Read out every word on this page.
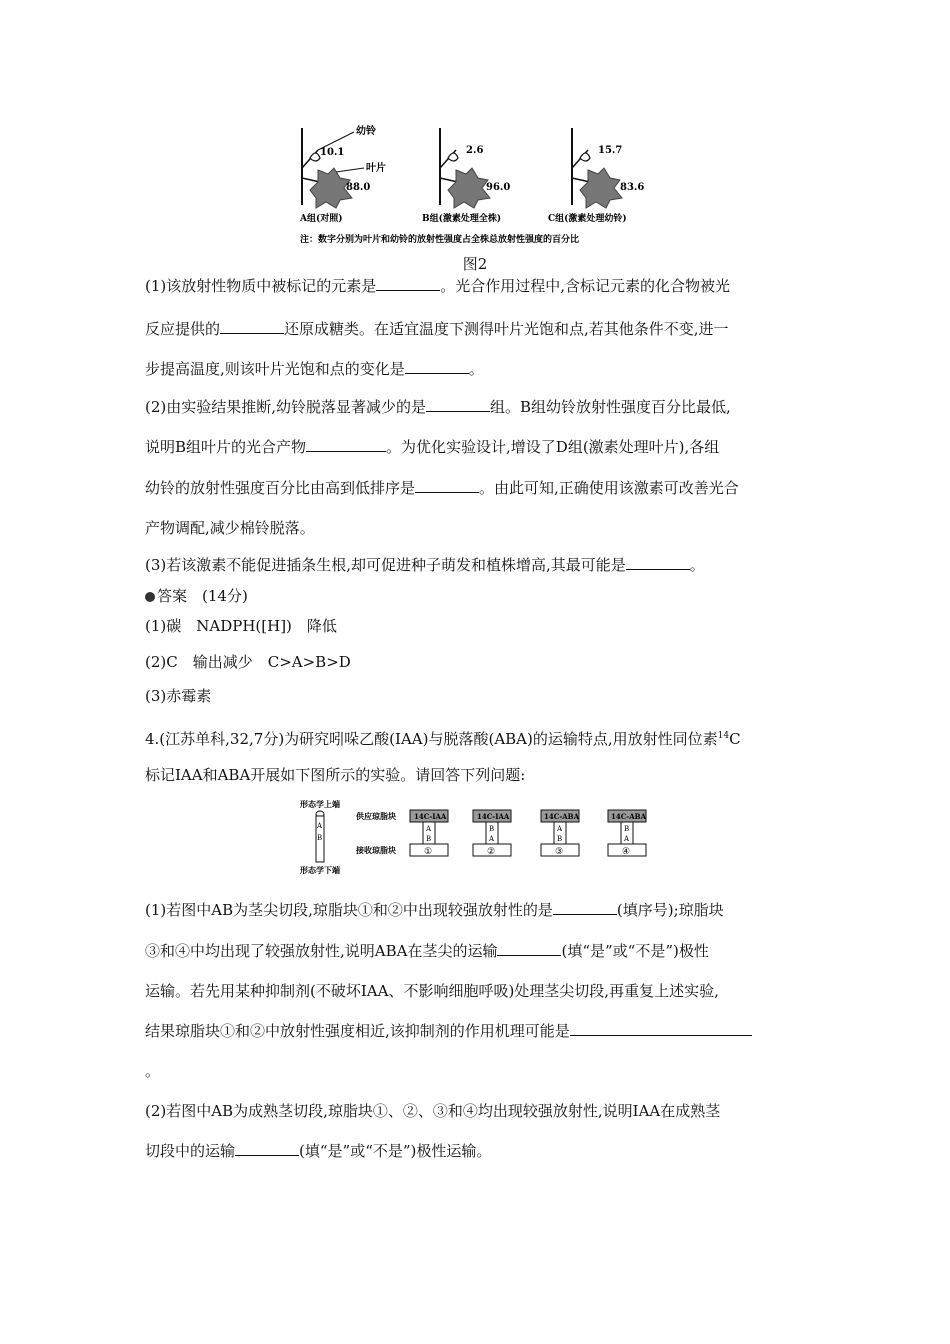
幼铃
叶片
10.1
88.0
A组(对照)
2.6
96.0
B组(激素处理全株)
15.7
83.6
C组(激素处理幼铃)
注：数字分别为叶片和幼铃的放射性强度占全株总放射性强度的百分比
图2
(1)该放射性物质中被标记的元素是	。光合作用过程中,含标记元素的化合物被光
反应提供的	还原成糖类。在适宜温度下测得叶片光饱和点,若其他条件不变,进一
步提高温度,则该叶片光饱和点的变化是	。
(2)由实验结果推断,幼铃脱落显著减少的是	组。B组幼铃放射性强度百分比最低,
说明B组叶片的光合产物	。为优化实验设计,增设了D组(激素处理叶片),各组
幼铃的放射性强度百分比由高到低排序是	。由此可知,正确使用该激素可改善光合
产物调配,减少棉铃脱落。
(3)若该激素不能促进插条生根,却可促进种子萌发和植株增高,其最可能是	。
答案　 (14分)
(1)碳　NADPH([H])　降低
(2)C　输出减少　C>A>B>D
(3)赤霉素
4.(江苏单科,32,7分)为研究吲哚乙酸(IAA)与脱落酸(ABA)的运输特点,用放射性同位素$^{14}$C
标记IAA和ABA开展如下图所示的实验。请回答下列问题:
形态学上端
A
B
形态学下端
供应琼脂块
接收琼脂块
14C-IAA
A
B
①
14C-IAA
B
A
②
14C-ABA
A
B
③
14C-ABA
B
A
④
(1)若图中AB为茎尖切段,琼脂块①和②中出现较强放射性的是	(填序号);琼脂块
③和④中均出现了较强放射性,说明ABA在茎尖的运输	(填“是”或“不是”)极性
运输。若先用某种抑制剂(不破坏IAA、不影响细胞呼吸)处理茎尖切段,再重复上述实验,
结果琼脂块①和②中放射性强度相近,该抑制剂的作用机理可能是
。
(2)若图中AB为成熟茎切段,琼脂块①、②、③和④均出现较强放射性,说明IAA在成熟茎
切段中的运输	(填“是”或“不是”)极性运输。
